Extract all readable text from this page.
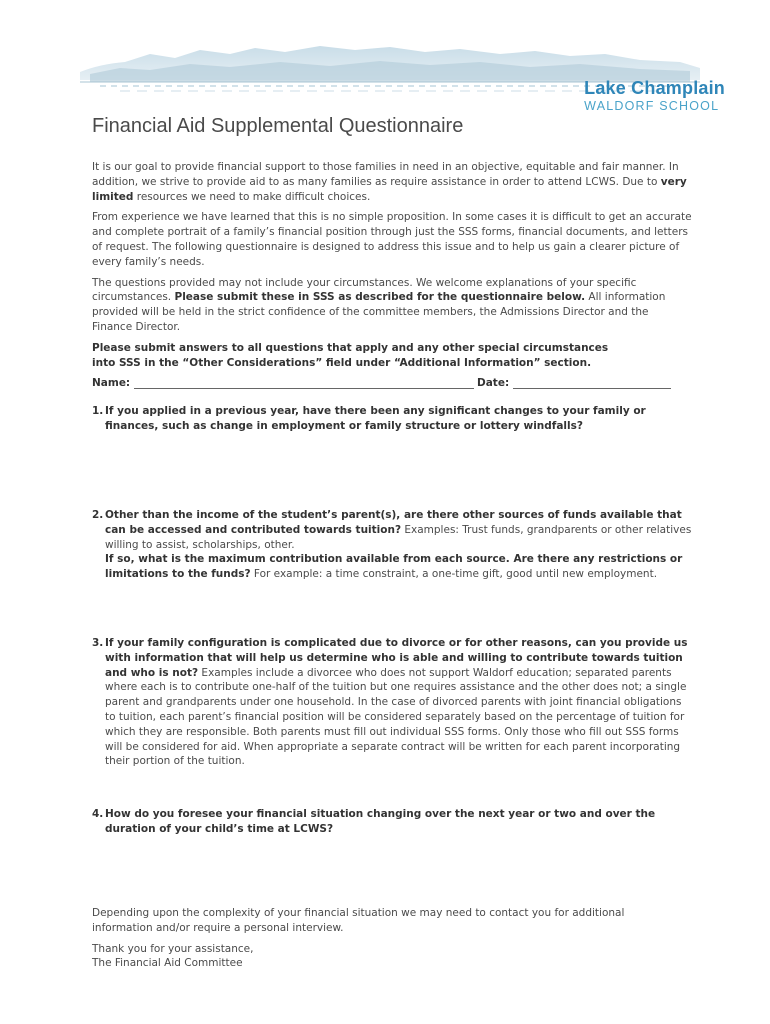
Lake Champlain
WALDORF SCHOOL
Financial Aid Supplemental Questionnaire

It is our goal to provide financial support to those families in need in an objective, equitable and fair manner. In addition, we strive to provide aid to as many families as require assistance in order to attend LCWS. Due to very limited resources we need to make difficult choices.

From experience we have learned that this is no simple proposition. In some cases it is difficult to get an accurate and complete portrait of a family’s financial position through just the SSS forms, financial documents, and letters of request. The following questionnaire is designed to address this issue and to help us gain a clearer picture of every family’s needs.

The questions provided may not include your circumstances. We welcome explanations of your specific circumstances. Please submit these in SSS as described for the questionnaire below. All information provided will be held in the strict confidence of the committee members, the Admissions Director and the Finance Director.

Please submit answers to all questions that apply and any other special circumstances into SSS in the “Other Considerations” field under “Additional Information” section.

Name:	Date:
1. If you applied in a previous year, have there been any significant changes to your family or finances, such as change in employment or family structure or lottery windfalls?
2. Other than the income of the student’s parent(s), are there other sources of funds available that can be accessed and contributed towards tuition? Examples: Trust funds, grandparents or other relatives willing to assist, scholarships, other.
If so, what is the maximum contribution available from each source. Are there any restrictions or limitations to the funds? For example: a time constraint, a one-time gift, good until new employment.
3. If your family configuration is complicated due to divorce or for other reasons, can you provide us with information that will help us determine who is able and willing to contribute towards tuition and who is not? Examples include a divorcee who does not support Waldorf education; separated parents where each is to contribute one-half of the tuition but one requires assistance and the other does not; a single parent and grandparents under one household. In the case of divorced parents with joint financial obligations to tuition, each parent’s financial position will be considered separately based on the percentage of tuition for which they are responsible. Both parents must fill out individual SSS forms. Only those who fill out SSS forms will be considered for aid. When appropriate a separate contract will be written for each parent incorporating their portion of the tuition.
4. How do you foresee your financial situation changing over the next year or two and over the duration of your child’s time at LCWS?

Depending upon the complexity of your financial situation we may need to contact you for additional information and/or require a personal interview.

Thank you for your assistance,
The Financial Aid Committee
